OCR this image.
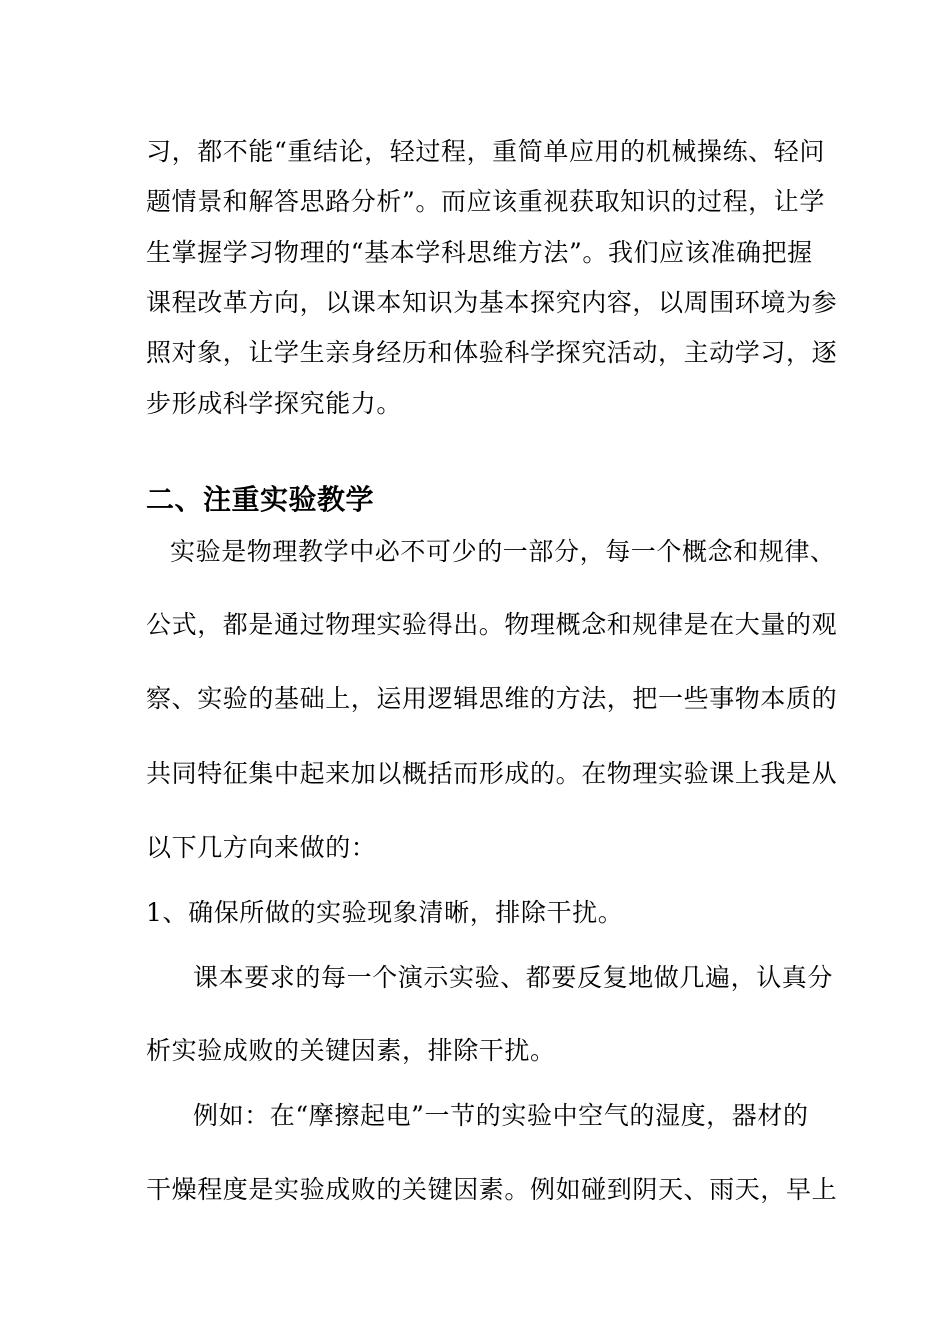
习，都不能“重结论，轻过程，重简单应用的机械操练、轻问
题情景和解答思路分析”。而应该重视获取知识的过程，让学
生掌握学习物理的“基本学科思维方法”。我们应该准确把握
课程改革方向，以课本知识为基本探究内容，以周围环境为参
照对象，让学生亲身经历和体验科学探究活动，主动学习，逐
步形成科学探究能力。
二、注重实验教学
实验是物理教学中必不可少的一部分，每一个概念和规律、
公式，都是通过物理实验得出。物理概念和规律是在大量的观
察、实验的基础上，运用逻辑思维的方法，把一些事物本质的
共同特征集中起来加以概括而形成的。在物理实验课上我是从
以下几方向来做的：
1、确保所做的实验现象清晰，排除干扰。
课本要求的每一个演示实验、都要反复地做几遍，认真分
析实验成败的关键因素，排除干扰。
例如：在“摩擦起电”一节的实验中空气的湿度，器材的
干燥程度是实验成败的关键因素。例如碰到阴天、雨天，早上
